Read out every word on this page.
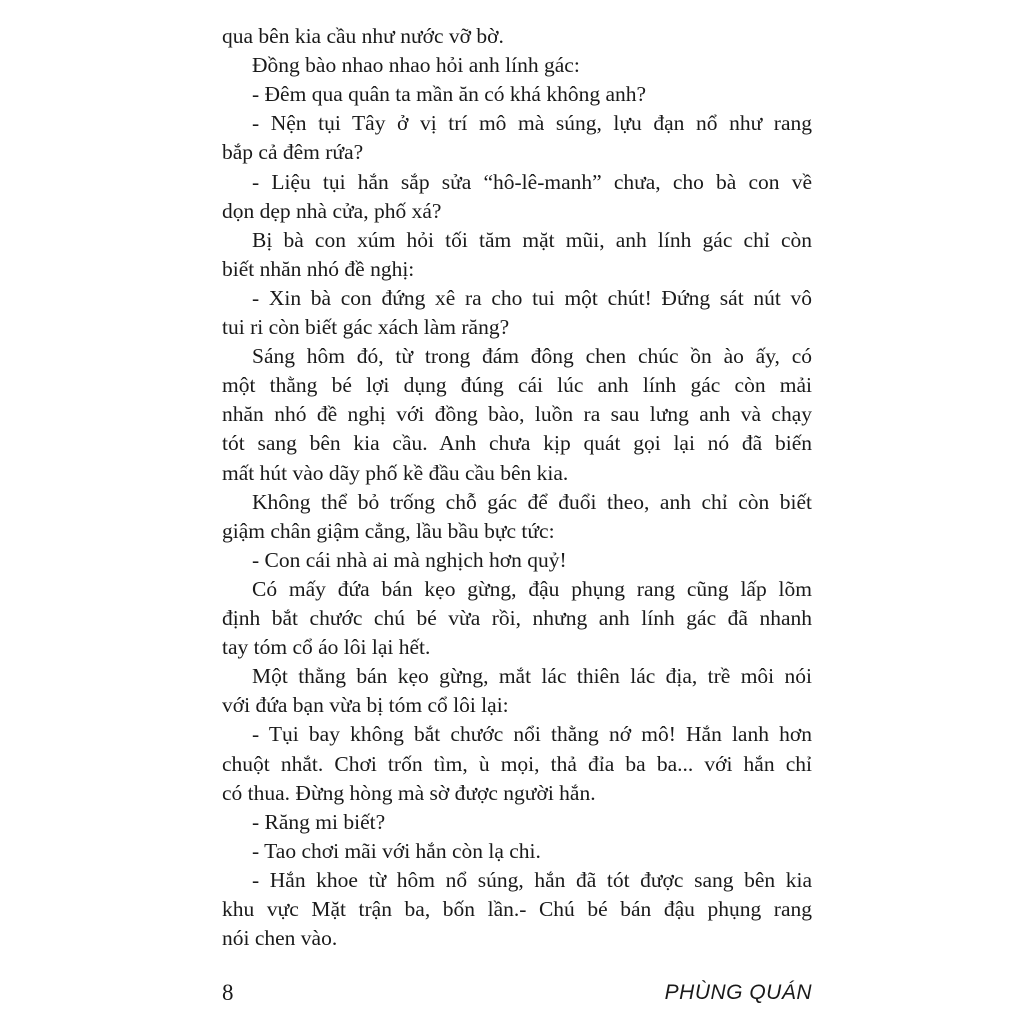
qua bên kia cầu như nước vỡ bờ.
Đồng bào nhao nhao hỏi anh lính gác:
- Đêm qua quân ta mần ăn có khá không anh?
- Nện tụi Tây ở vị trí mô mà súng, lựu đạn nổ như rang
bắp cả đêm rứa?
- Liệu tụi hắn sắp sửa “hô-lê-manh” chưa, cho bà con về
dọn dẹp nhà cửa, phố xá?
Bị bà con xúm hỏi tối tăm mặt mũi, anh lính gác chỉ còn
biết nhăn nhó đề nghị:
- Xin bà con đứng xê ra cho tui một chút! Đứng sát nút vô
tui ri còn biết gác xách làm răng?
Sáng hôm đó, từ trong đám đông chen chúc ồn ào ấy, có
một thằng bé lợi dụng đúng cái lúc anh lính gác còn mải
nhăn nhó đề nghị với đồng bào, luồn ra sau lưng anh và chạy
tót sang bên kia cầu. Anh chưa kịp quát gọi lại nó đã biến
mất hút vào dãy phố kề đầu cầu bên kia.
Không thể bỏ trống chỗ gác để đuổi theo, anh chỉ còn biết
giậm chân giậm cẳng, lầu bầu bực tức:
- Con cái nhà ai mà nghịch hơn quỷ!
Có mấy đứa bán kẹo gừng, đậu phụng rang cũng lấp lõm
định bắt chước chú bé vừa rồi, nhưng anh lính gác đã nhanh
tay tóm cổ áo lôi lại hết.
Một thằng bán kẹo gừng, mắt lác thiên lác địa, trề môi nói
với đứa bạn vừa bị tóm cổ lôi lại:
- Tụi bay không bắt chước nổi thằng nớ mô! Hắn lanh hơn
chuột nhắt. Chơi trốn tìm, ù mọi, thả đỉa ba ba... với hắn chỉ
có thua. Đừng hòng mà sờ được người hắn.
- Răng mi biết?
- Tao chơi mãi với hắn còn lạ chi.
- Hắn khoe từ hôm nổ súng, hắn đã tót được sang bên kia
khu vực Mặt trận ba, bốn lần.- Chú bé bán đậu phụng rang
nói chen vào.
8	PHÙNG QUÁN
